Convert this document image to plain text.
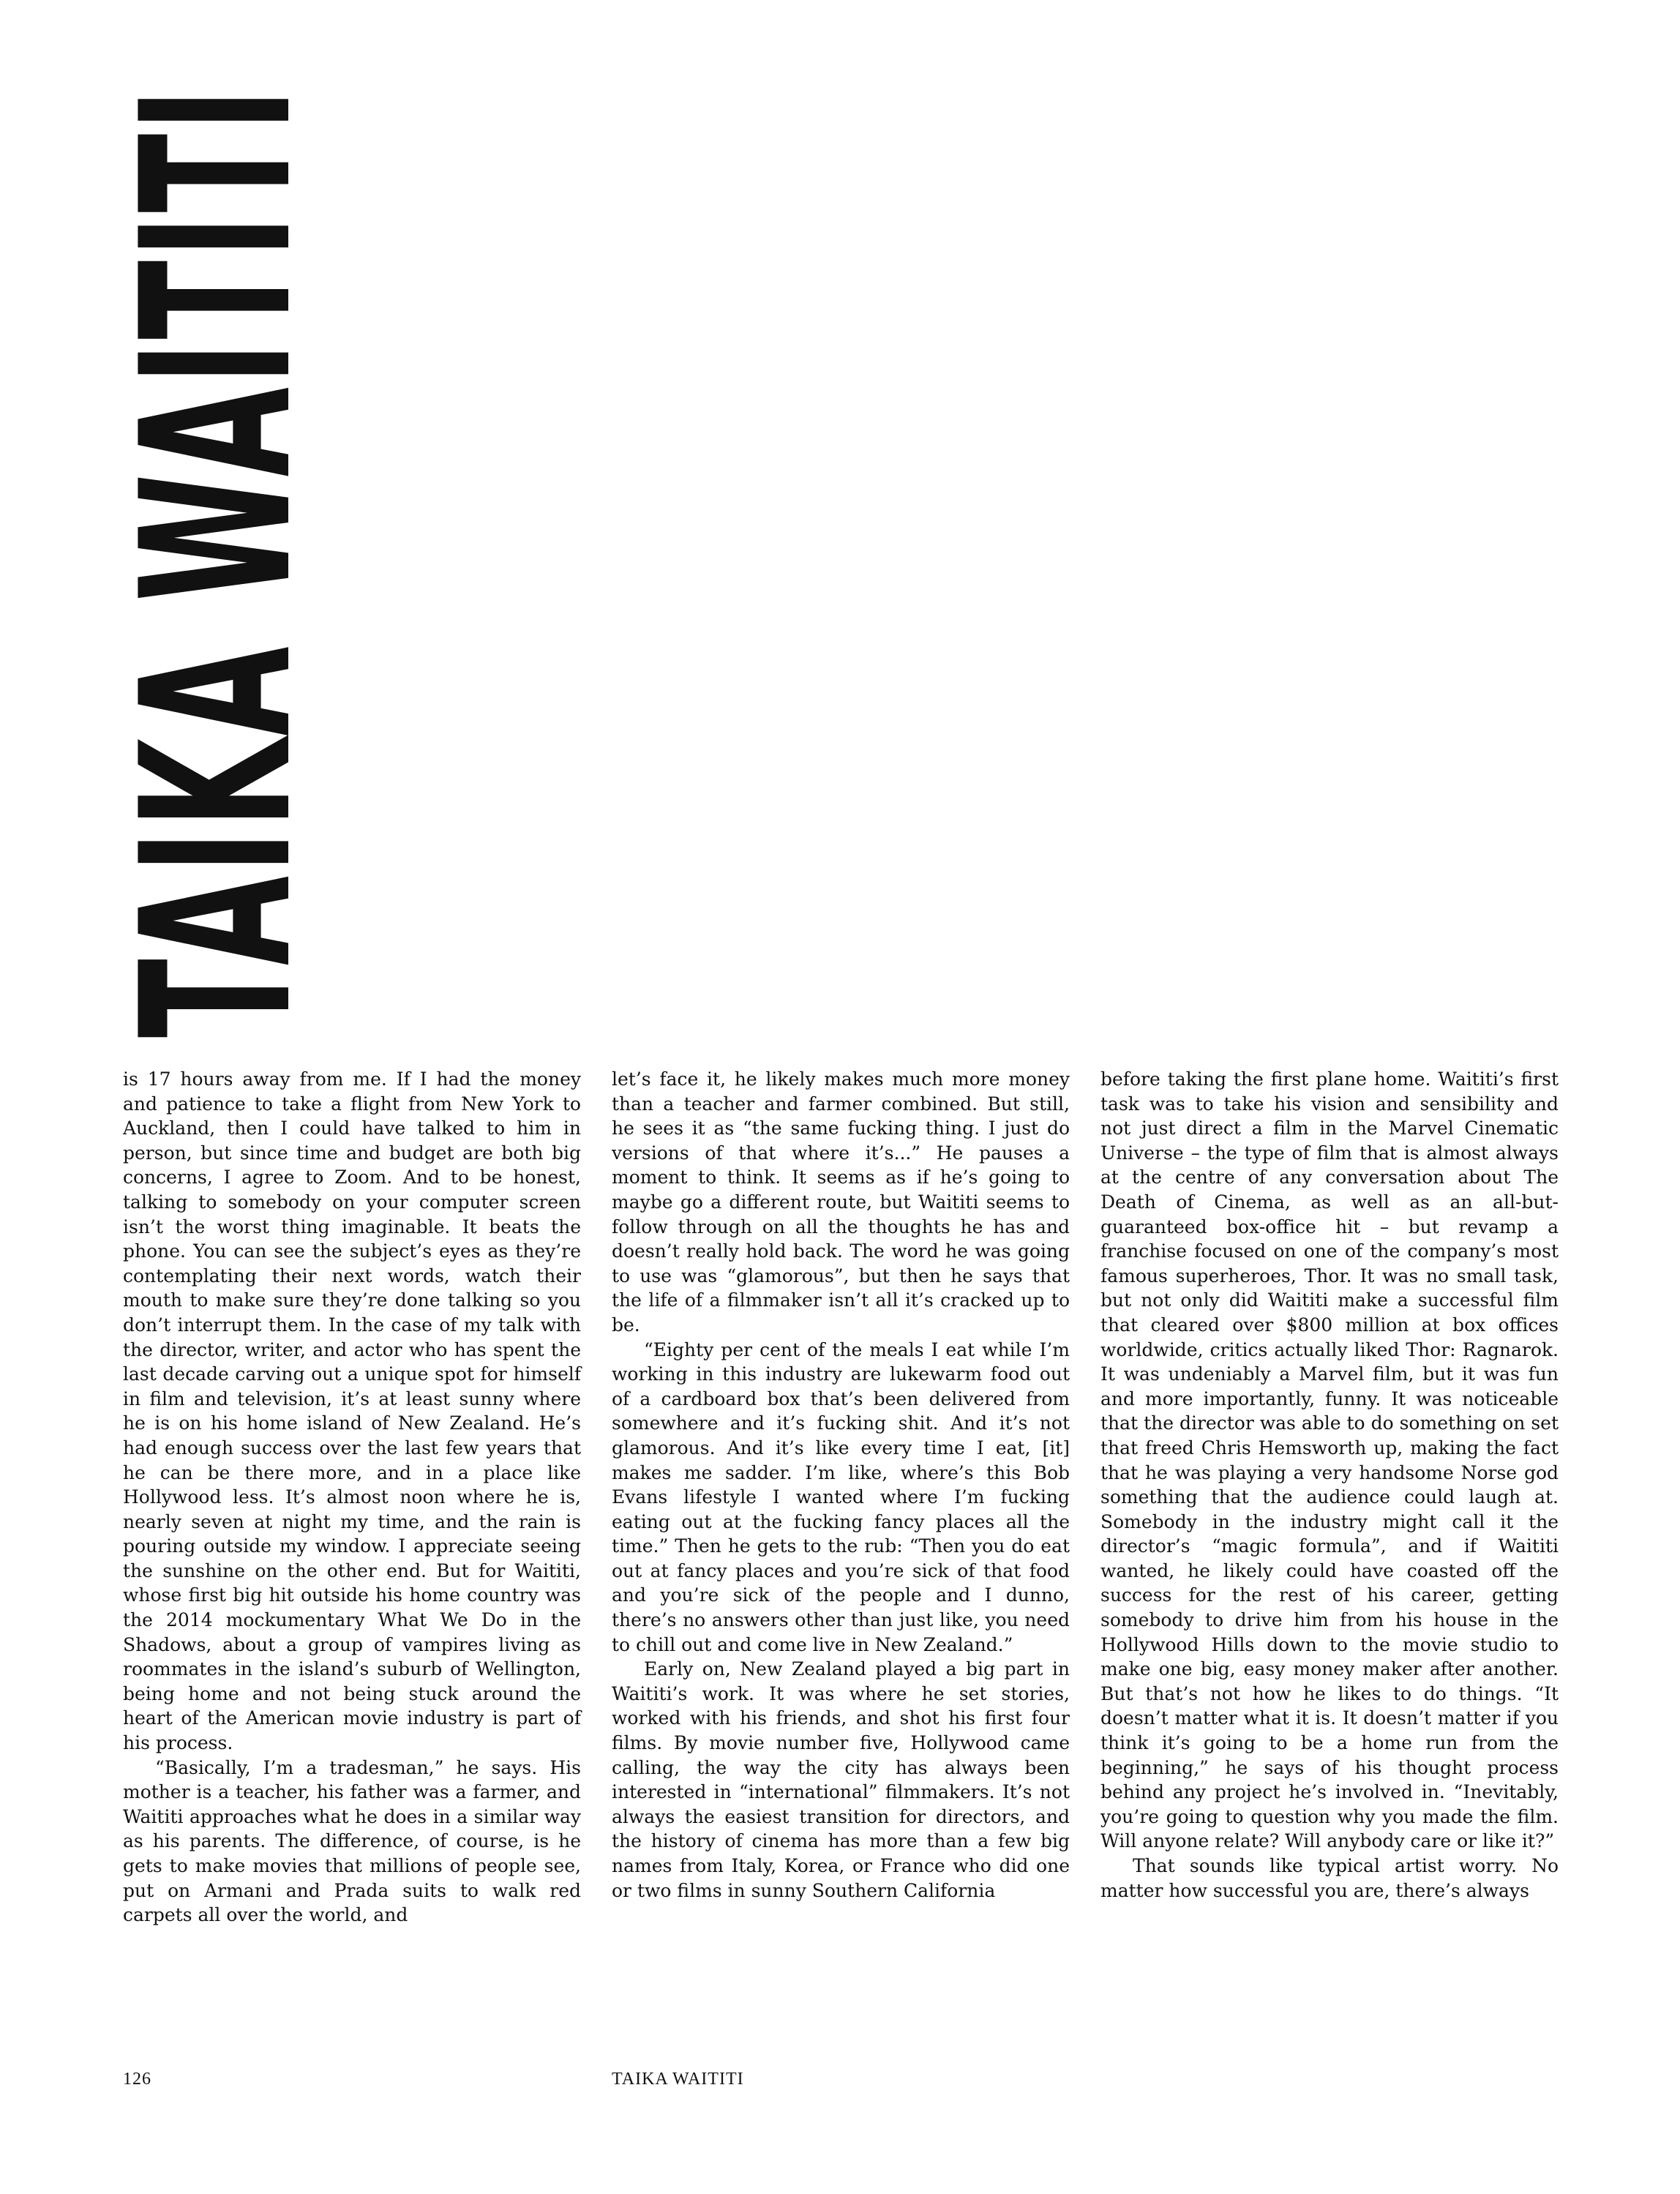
TAIKA WAITITI

is 17 hours away from me. If I had the money and patience to take a flight from New York to Auckland, then I could have talked to him in person, but since time and budget are both big concerns, I agree to Zoom. And to be honest, talking to somebody on your computer screen isn’t the worst thing imaginable. It beats the phone. You can see the subject’s eyes as they’re contemplating their next words, watch their mouth to make sure they’re done talking so you don’t interrupt them. In the case of my talk with the director, writer, and actor who has spent the last decade carving out a unique spot for himself in film and television, it’s at least sunny where he is on his home island of New Zealand. He’s had enough success over the last few years that he can be there more, and in a place like Hollywood less. It’s almost noon where he is, nearly seven at night my time, and the rain is pouring outside my window. I appreciate seeing the sunshine on the other end. But for Waititi, whose first big hit outside his home country was the 2014 mockumentary What We Do in the Shadows, about a group of vampires living as roommates in the island’s suburb of Wellington, being home and not being stuck around the heart of the American movie industry is part of his process.

“Basically, I’m a tradesman,” he says. His mother is a teacher, his father was a farmer, and Waititi approaches what he does in a similar way as his parents. The difference, of course, is he gets to make movies that millions of people see, put on Armani and Prada suits to walk red carpets all over the world, and

let’s face it, he likely makes much more money than a teacher and farmer combined. But still, he sees it as “the same fucking thing. I just do versions of that where it’s...” He pauses a moment to think. It seems as if he’s going to maybe go a different route, but Waititi seems to follow through on all the thoughts he has and doesn’t really hold back. The word he was going to use was “glamorous”, but then he says that the life of a filmmaker isn’t all it’s cracked up to be.

“Eighty per cent of the meals I eat while I’m working in this industry are lukewarm food out of a cardboard box that’s been delivered from somewhere and it’s fucking shit. And it’s not glamorous. And it’s like every time I eat, [it] makes me sadder. I’m like, where’s this Bob Evans lifestyle I wanted where I’m fucking eating out at the fucking fancy places all the time.” Then he gets to the rub: “Then you do eat out at fancy places and you’re sick of that food and you’re sick of the people and I dunno, there’s no answers other than just like, you need to chill out and come live in New Zealand.”

Early on, New Zealand played a big part in Waititi’s work. It was where he set stories, worked with his friends, and shot his first four films. By movie number five, Hollywood came calling, the way the city has always been interested in “international” filmmakers. It’s not always the easiest transition for directors, and the history of cinema has more than a few big names from Italy, Korea, or France who did one or two films in sunny Southern California

before taking the first plane home. Waititi’s first task was to take his vision and sensibility and not just direct a film in the Marvel Cinematic Universe – the type of film that is almost always at the centre of any conversation about The Death of Cinema, as well as an all-but-guaranteed box-office hit – but revamp a franchise focused on one of the company’s most famous superheroes, Thor. It was no small task, but not only did Waititi make a successful film that cleared over $800 million at box offices worldwide, critics actually liked Thor: Ragnarok. It was undeniably a Marvel film, but it was fun and more importantly, funny. It was noticeable that the director was able to do something on set that freed Chris Hemsworth up, making the fact that he was playing a very handsome Norse god something that the audience could laugh at. Somebody in the industry might call it the director’s “magic formula”, and if Waititi wanted, he likely could have coasted off the success for the rest of his career, getting somebody to drive him from his house in the Hollywood Hills down to the movie studio to make one big, easy money maker after another. But that’s not how he likes to do things. “It doesn’t matter what it is. It doesn’t matter if you think it’s going to be a home run from the beginning,” he says of his thought process behind any project he’s involved in. “Inevitably, you’re going to question why you made the film. Will anyone relate? Will anybody care or like it?”

That sounds like typical artist worry. No matter how successful you are, there’s always

126	TAIKA WAITITI
